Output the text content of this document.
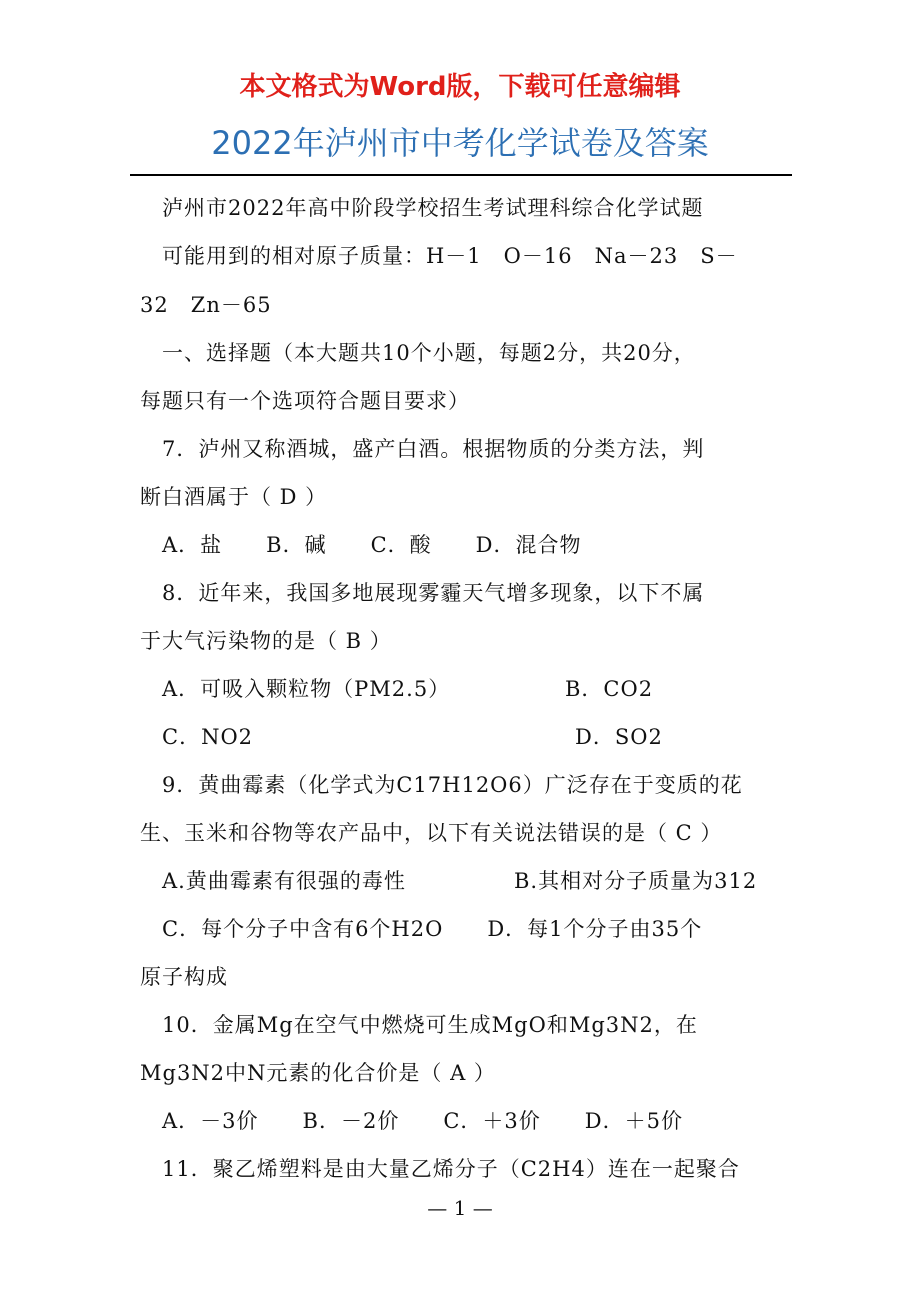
本文格式为Word版，下载可任意编辑
2022年泸州市中考化学试卷及答案
泸州市2022年高中阶段学校招生考试理科综合化学试题
可能用到的相对原子质量：H－1　O－16　Na－23　S－
32　Zn－65
一、选择题（本大题共10个小题，每题2分，共20分，
每题只有一个选项符合题目要求）
7．泸州又称酒城，盛产白酒。根据物质的分类方法，判
断白酒属于（ D ）
A．盐　　B．碱　　C．酸　　D．混合物
8．近年来，我国多地展现雾霾天气增多现象，以下不属
于大气污染物的是（ B ）
A．可吸入颗粒物（PM2.5）	B．CO2
C．NO2	D．SO2
9．黄曲霉素（化学式为C17H12O6）广泛存在于变质的花
生、玉米和谷物等农产品中，以下有关说法错误的是（ C ）
A.黄曲霉素有很强的毒性	B.其相对分子质量为312
C．每个分子中含有6个H2O　　D．每1个分子由35个
原子构成
10．金属Mg在空气中燃烧可生成MgO和Mg3N2，在
Mg3N2中N元素的化合价是（ A ）
A．－3价　　B．－2价　　C．＋3价　　D．＋5价
11．聚乙烯塑料是由大量乙烯分子（C2H4）连在一起聚合
— 1 —
